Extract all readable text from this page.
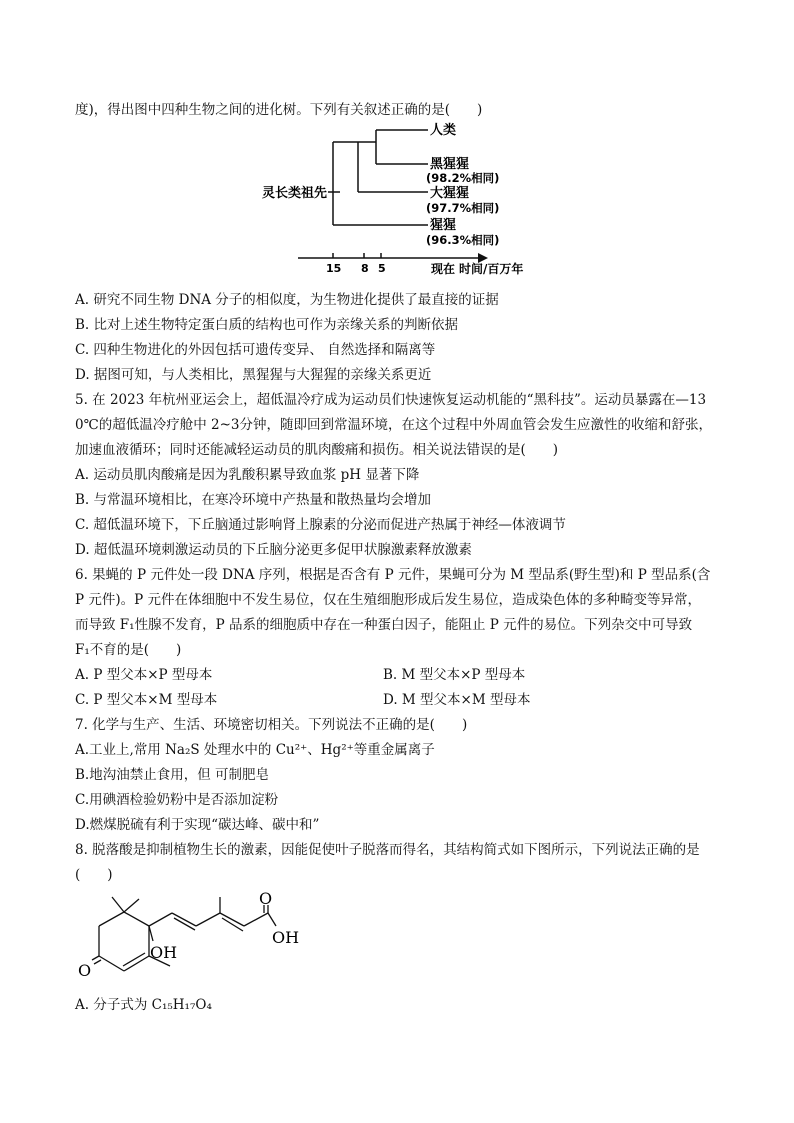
度)，得出图中四种生物之间的进化树。下列有关叙述正确的是(　　)
灵长类祖先
人类
黑猩猩
(98.2%相同)
大猩猩
(97.7%相同)
猩猩
(96.3%相同)
15 8 5	现在 时间/百万年
A. 研究不同生物 DNA 分子的相似度，为生物进化提供了最直接的证据
B. 比对上述生物特定蛋白质的结构也可作为亲缘关系的判断依据
C. 四种生物进化的外因包括可遗传变异、 自然选择和隔离等
D. 据图可知，与人类相比，黑猩猩与大猩猩的亲缘关系更近
5. 在 2023 年杭州亚运会上，超低温冷疗成为运动员们快速恢复运动机能的“黑科技”。运动员暴露在—13
0℃的超低温冷疗舱中 2~3分钟，随即回到常温环境，在这个过程中外周血管会发生应激性的收缩和舒张，
加速血液循环；同时还能减轻运动员的肌肉酸痛和损伤。相关说法错误的是(　　)
A. 运动员肌肉酸痛是因为乳酸积累导致血浆 pH 显著下降
B. 与常温环境相比，在寒冷环境中产热量和散热量均会增加
C. 超低温环境下，下丘脑通过影响肾上腺素的分泌而促进产热属于神经—体液调节
D. 超低温环境刺激运动员的下丘脑分泌更多促甲状腺激素释放激素
6. 果蝇的 P 元件处一段 DNA 序列，根据是否含有 P 元件，果蝇可分为 M 型品系(野生型)和 P 型品系(含
P 元件)。P 元件在体细胞中不发生易位，仅在生殖细胞形成后发生易位，造成染色体的多种畸变等异常，
而导致 F₁性腺不发育，P 品系的细胞质中存在一种蛋白因子，能阻止 P 元件的易位。下列杂交中可导致
F₁不育的是(　　)
A. P 型父本×P 型母本	B. M 型父本×P 型母本
C. P 型父本×M 型母本	D. M 型父本×M 型母本
7. 化学与生产、生活、环境密切相关。下列说法不正确的是(　　)
A.工业上,常用 Na₂S 处理水中的 Cu²⁺、Hg²⁺等重金属离子
B.地沟油禁止食用，但 可制肥皂
C.用碘酒检验奶粉中是否添加淀粉
D.燃煤脱硫有利于实现“碳达峰、碳中和”
8. 脱落酸是抑制植物生长的激素，因能促使叶子脱落而得名，其结构简式如下图所示，下列说法正确的是
(　　)
O
OH
O
OH
A. 分子式为 C₁₅H₁₇O₄
